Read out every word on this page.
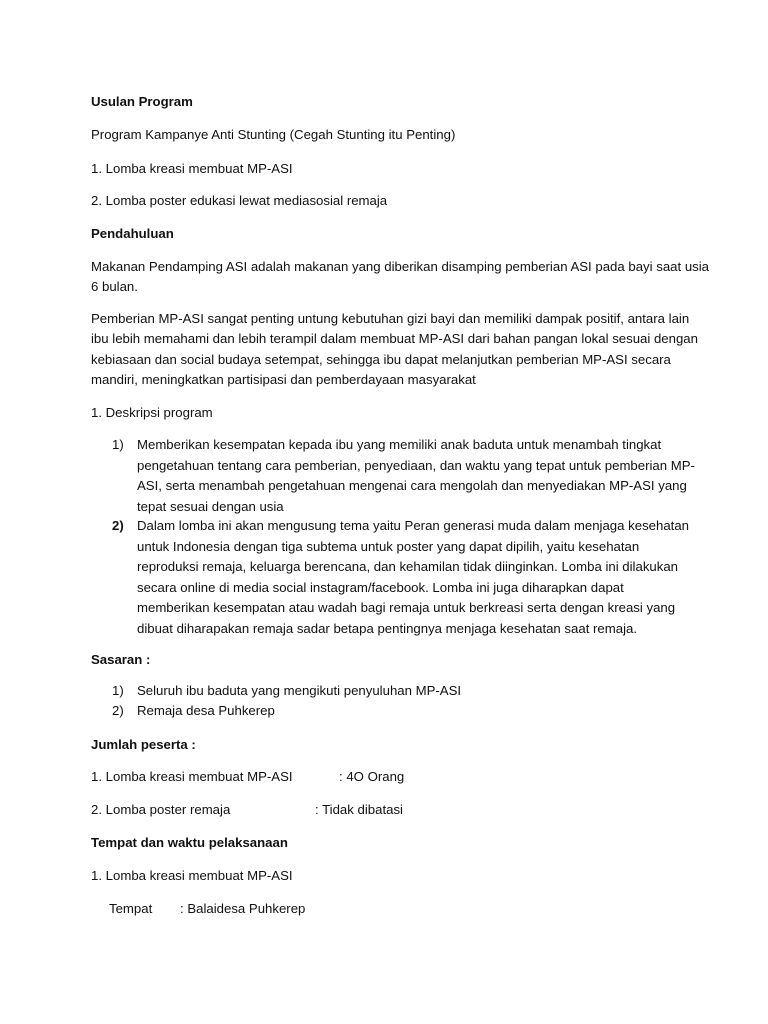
Usulan Program
Program Kampanye Anti Stunting (Cegah Stunting itu Penting)
1. Lomba kreasi membuat MP-ASI
2. Lomba poster edukasi lewat mediasosial remaja
Pendahuluan
Makanan Pendamping ASI adalah makanan yang diberikan disamping pemberian ASI pada bayi saat usia
6 bulan.
Pemberian MP-ASI sangat penting untung kebutuhan gizi bayi dan memiliki dampak positif, antara lain
ibu lebih memahami dan lebih terampil dalam membuat MP-ASI dari bahan pangan lokal sesuai dengan
kebiasaan dan social budaya setempat, sehingga ibu dapat melanjutkan pemberian MP-ASI secara
mandiri, meningkatkan partisipasi dan pemberdayaan masyarakat
1. Deskripsi program
1) Memberikan kesempatan kepada ibu yang memiliki anak baduta untuk menambah tingkat
pengetahuan tentang cara pemberian, penyediaan, dan waktu yang tepat untuk pemberian MP-
ASI, serta menambah pengetahuan mengenai cara mengolah dan menyediakan MP-ASI yang
tepat sesuai dengan usia
2) Dalam lomba ini akan mengusung tema yaitu Peran generasi muda dalam menjaga kesehatan
untuk Indonesia dengan tiga subtema untuk poster yang dapat dipilih, yaitu kesehatan
reproduksi remaja, keluarga berencana, dan kehamilan tidak diinginkan. Lomba ini dilakukan
secara online di media social instagram/facebook. Lomba ini juga diharapkan dapat
memberikan kesempatan atau wadah bagi remaja untuk berkreasi serta dengan kreasi yang
dibuat diharapakan remaja sadar betapa pentingnya menjaga kesehatan saat remaja.
Sasaran :
1) Seluruh ibu baduta yang mengikuti penyuluhan MP-ASI
2) Remaja desa Puhkerep
Jumlah peserta :
1. Lomba kreasi membuat MP-ASI	: 4O Orang
2. Lomba poster remaja	: Tidak dibatasi
Tempat dan waktu pelaksanaan
1. Lomba kreasi membuat MP-ASI
Tempat : Balaidesa Puhkerep
